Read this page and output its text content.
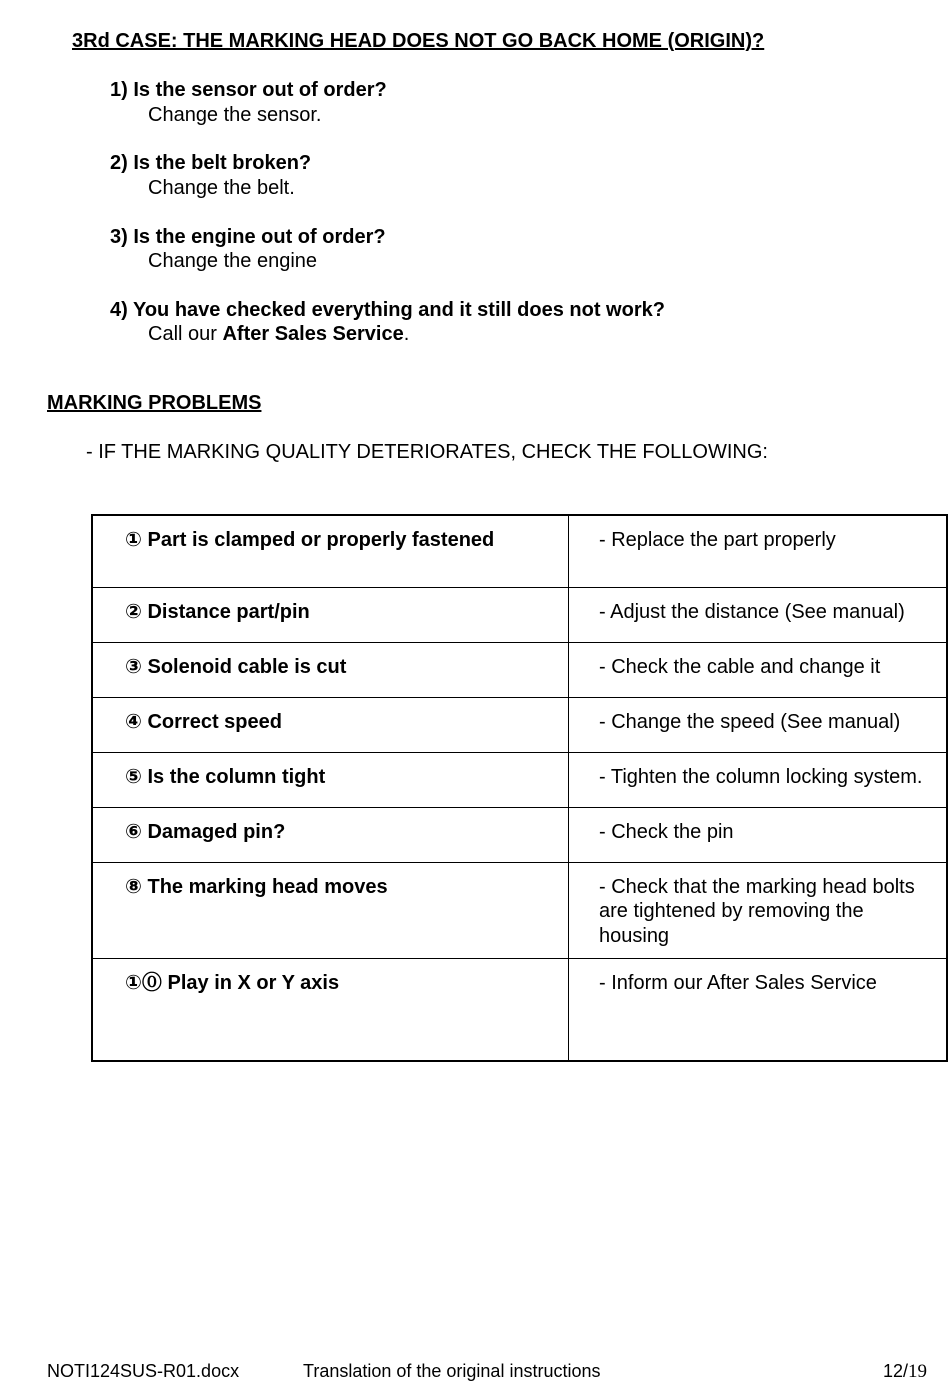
3Rd CASE: THE MARKING HEAD DOES NOT GO BACK HOME (ORIGIN)?
1) Is the sensor out of order?
Change the sensor.
2) Is the belt broken?
Change the belt.
3) Is the engine out of order?
Change the engine
4) You have checked everything and it still does not work?
Call our After Sales Service.
MARKING PROBLEMS
- IF THE MARKING QUALITY DETERIORATES, CHECK THE FOLLOWING:
① Part is clamped or properly fastened	- Replace the part properly
② Distance part/pin	- Adjust the distance (See manual)
③ Solenoid cable is cut	- Check the cable and change it
④ Correct speed	- Change the speed (See manual)
⑤ Is the column tight	- Tighten the column locking system.
⑥ Damaged pin?	- Check the pin
⑧ The marking head moves	- Check that the marking head bolts are tightened by removing the housing
①⓪ Play in X or Y axis	- Inform our After Sales Service
NOTI124SUS-R01.docx	Translation of the original instructions	12/19
